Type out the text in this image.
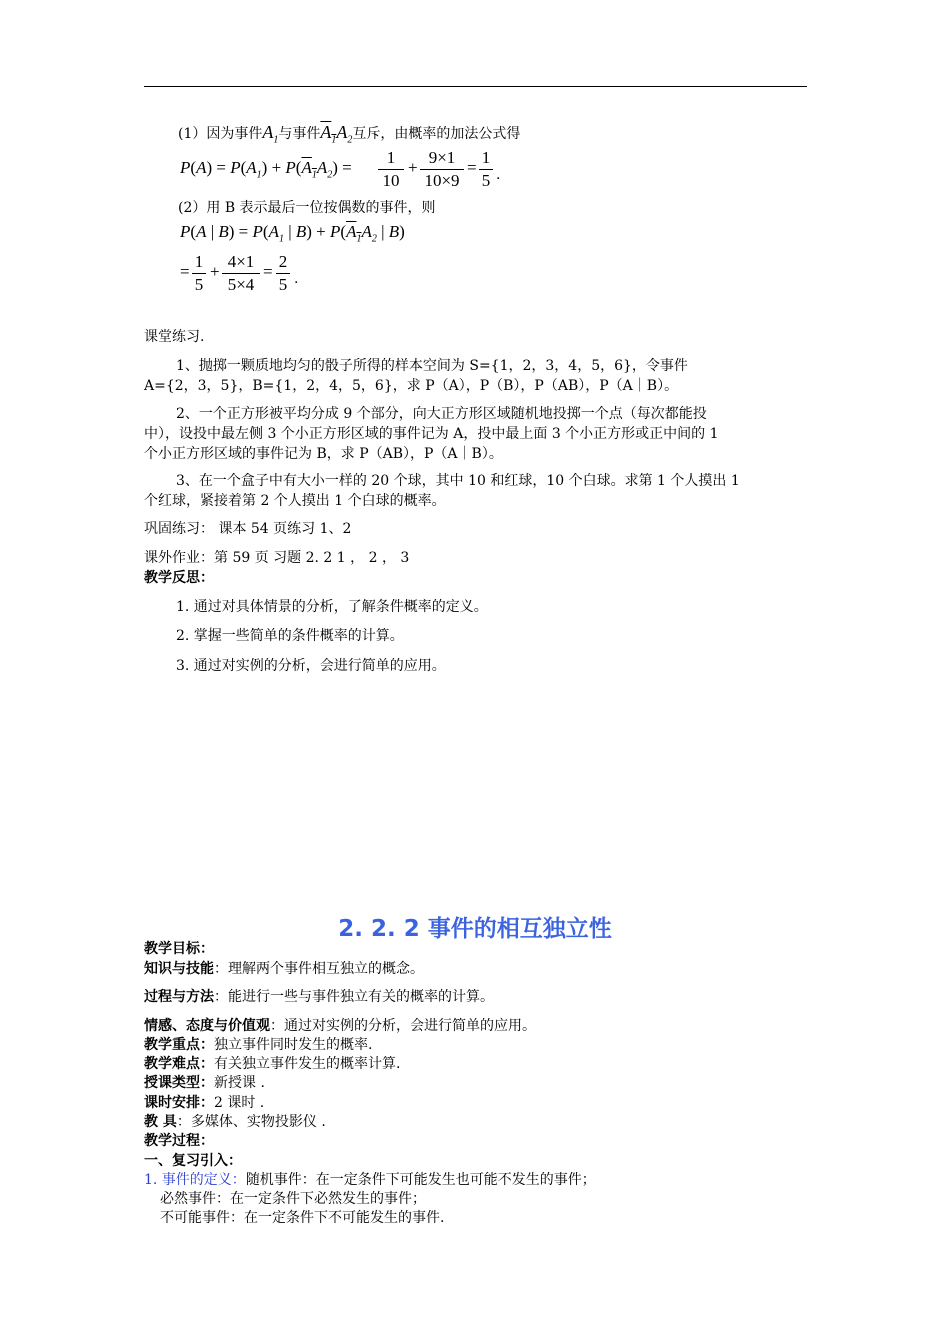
(1）因为事件$A_1$与事件$A_1A_2$互斥，由概率的加法公式得
$P(A) = P(A_1) + P(A_1A_2) = \frac{1}{10} + \frac{9\times 1}{10\times 9} = \frac{1}{5}$ .
(2）用 B 表示最后一位按偶数的事件，则
P(A | $B) = P(A_1$ | $B) + P(A_1A_2$ | B)
= $\frac{1}{5} + \frac{4\times 1}{5\times 4} = \frac{2}{5}$ .
课堂练习.
1、抛掷一颗质地均匀的骰子所得的样本空间为 S={1，2，3，4，5，6}，令事件
A={2，3，5}，B={1，2，4，5，6}，求 P（A），P（B），P（AB），P（A｜B）。
2、一个正方形被平均分成 9 个部分，向大正方形区域随机地投掷一个点（每次都能投
中），设投中最左侧 3 个小正方形区域的事件记为 A，投中最上面 3 个小正方形或正中间的 1
个小正方形区域的事件记为 B，求 P（AB），P（A｜B）。
3、在一个盒子中有大小一样的 20 个球，其中 10 和红球，10 个白球。求第 1 个人摸出 1
个红球，紧接着第 2 个人摸出 1 个白球的概率。
巩固练习： 课本 54 页练习 1、2
课外作业：第 59 页 习题 2. 2 1 ， 2 ， 3
教学反思：
1. 通过对具体情景的分析，了解条件概率的定义。
2. 掌握一些简单的条件概率的计算。
3. 通过对实例的分析，会进行简单的应用。
2. 2. 2 事件的相互独立性
教学目标：
知识与技能：理解两个事件相互独立的概念。
过程与方法：能进行一些与事件独立有关的概率的计算。
情感、态度与价值观：通过对实例的分析，会进行简单的应用。
教学重点：独立事件同时发生的概率.
教学难点：有关独立事件发生的概率计算.
授课类型：新授课 .
课时安排：2 课时 .
教 具：多媒体、实物投影仪 .
教学过程：
一、复习引入：
1. 事件的定义：随机事件：在一定条件下可能发生也可能不发生的事件；
必然事件：在一定条件下必然发生的事件；
不可能事件：在一定条件下不可能发生的事件.
